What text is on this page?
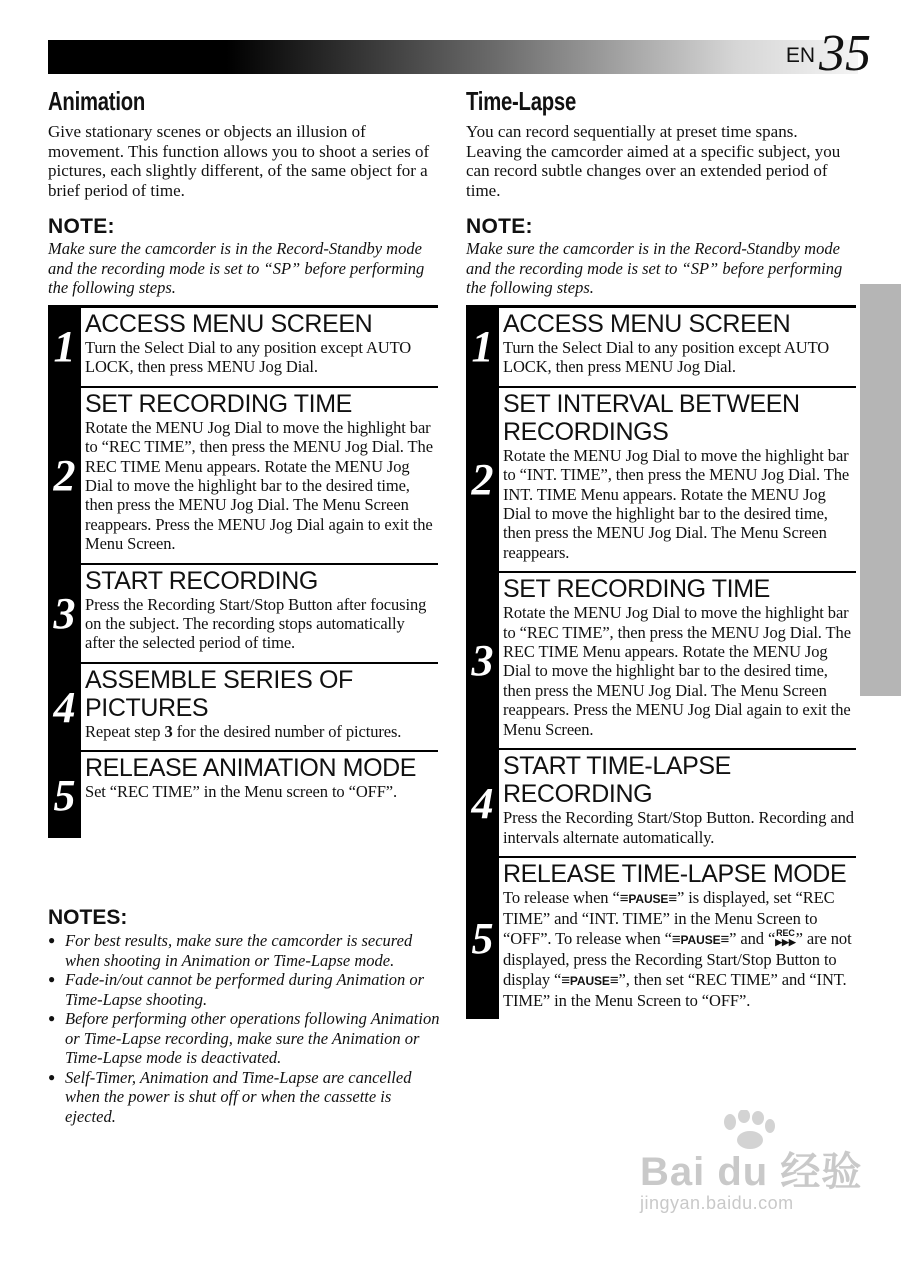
EN35
Animation
Give stationary scenes or objects an illusion of movement. This function allows you to shoot a series of pictures, each slightly different, of the same object for a brief period of time.
NOTE:
Make sure the camcorder is in the Record-Standby mode and the recording mode is set to “SP” before performing the following steps.
1 ACCESS MENU SCREEN
Turn the Select Dial to any position except AUTO LOCK, then press MENU Jog Dial.
2
SET RECORDING TIME
Rotate the MENU Jog Dial to move the highlight bar to “REC TIME”, then press the MENU Jog Dial. The REC TIME Menu appears. Rotate the MENU Jog Dial to move the highlight bar to the desired time, then press the MENU Jog Dial. The Menu Screen reappears. Press the MENU Jog Dial again to exit the Menu Screen.
3
START RECORDING
Press the Recording Start/Stop Button after focusing on the subject. The recording stops automatically after the selected period of time.
4
ASSEMBLE SERIES OF PICTURES
Repeat step 3 for the desired number of pictures.
5
RELEASE ANIMATION MODE
Set “REC TIME” in the Menu screen to “OFF”.
NOTES:
● For best results, make sure the camcorder is secured when shooting in Animation or Time-Lapse mode.
● Fade-in/out cannot be performed during Animation or Time-Lapse shooting.
● Before performing other operations following Animation or Time-Lapse recording, make sure the Animation or Time-Lapse mode is deactivated.
● Self-Timer, Animation and Time-Lapse are cancelled when the power is shut off or when the cassette is ejected.
Time-Lapse
You can record sequentially at preset time spans. Leaving the camcorder aimed at a specific subject, you can record subtle changes over an extended period of time.
NOTE:
Make sure the camcorder is in the Record-Standby mode and the recording mode is set to “SP” before performing the following steps.
1 ACCESS MENU SCREEN
Turn the Select Dial to any position except AUTO LOCK, then press MENU Jog Dial.
2
SET INTERVAL BETWEEN RECORDINGS
Rotate the MENU Jog Dial to move the highlight bar to “INT. TIME”, then press the MENU Jog Dial. The INT. TIME Menu appears. Rotate the MENU Jog Dial to move the highlight bar to the desired time, then press the MENU Jog Dial. The Menu Screen reappears.
3
SET RECORDING TIME
Rotate the MENU Jog Dial to move the highlight bar to “REC TIME”, then press the MENU Jog Dial. The REC TIME Menu appears. Rotate the MENU Jog Dial to move the highlight bar to the desired time, then press the MENU Jog Dial. The Menu Screen reappears. Press the MENU Jog Dial again to exit the Menu Screen.
4
START TIME-LAPSE RECORDING
Press the Recording Start/Stop Button. Recording and intervals alternate automatically.
5
RELEASE TIME-LAPSE MODE
To release when “ ≡ PAUSE ≡ ” is displayed, set “REC TIME” and “INT. TIME” in the Menu Screen to “OFF”. To release when “ ≡ PAUSE ≡ ” and “REC
▶▶▶” are not displayed, press the Recording Start/Stop Button to display “ ≡ PAUSE ≡ ”, then set “REC TIME” and “INT. TIME” in the Menu Screen to “OFF”.
Bai du 经验
jingyan.baidu.com
